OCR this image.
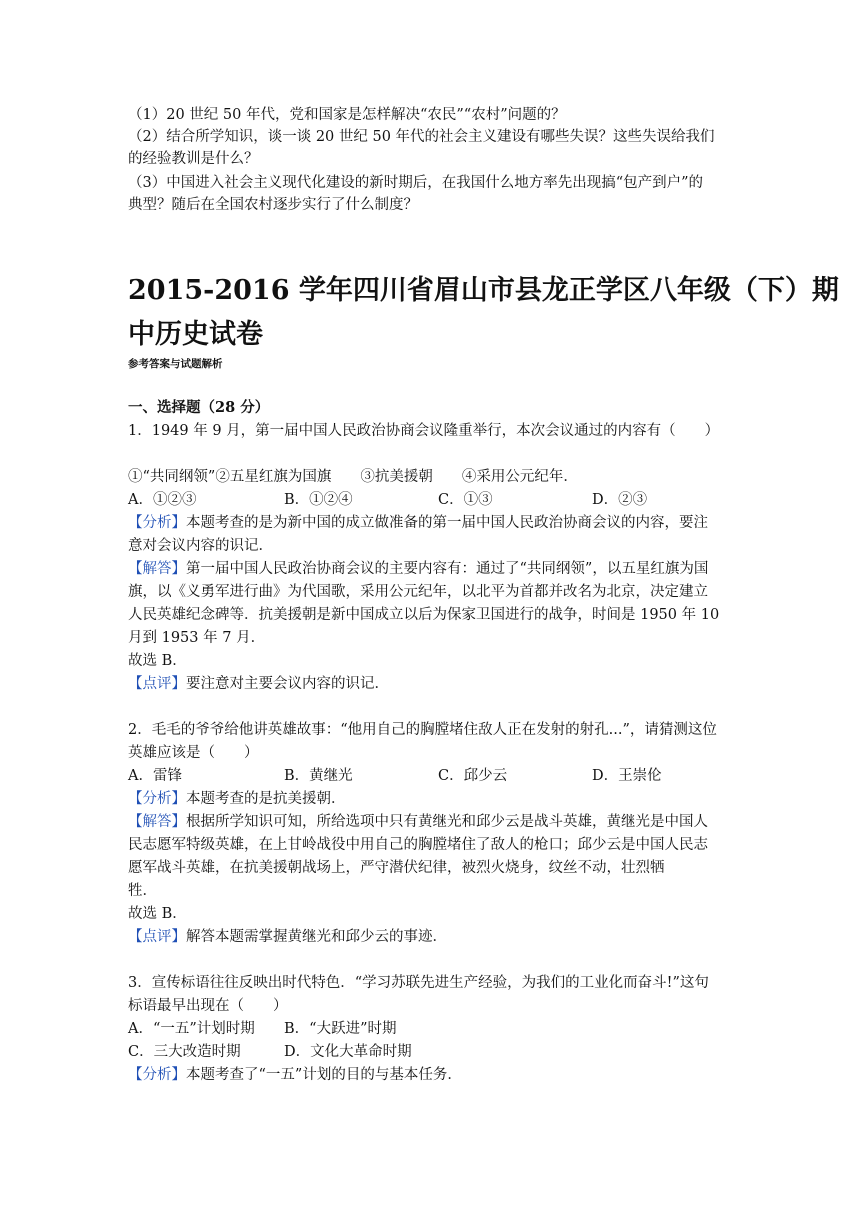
（1）20 世纪 50 年代，党和国家是怎样解决“农民”“农村”问题的？
（2）结合所学知识，谈一谈 20 世纪 50 年代的社会主义建设有哪些失误？这些失误给我们
的经验教训是什么？
（3）中国进入社会主义现代化建设的新时期后，在我国什么地方率先出现搞“包产到户”的
典型？随后在全国农村逐步实行了什么制度？
2015-2016 学年四川省眉山市县龙正学区八年级（下）期
中历史试卷
参考答案与试题解析
一、选择题（28 分）
1．1949 年 9 月，第一届中国人民政治协商会议隆重举行，本次会议通过的内容有（　　）
①“共同纲领”②五星红旗为国旗　　③抗美援朝　　④采用公元纪年．
A．①②③	B．①②④	C．①③	D．②③
【分析】本题考查的是为新中国的成立做准备的第一届中国人民政治协商会议的内容，要注
意对会议内容的识记．
【解答】第一届中国人民政治协商会议的主要内容有：通过了“共同纲领”，以五星红旗为国
旗，以《义勇军进行曲》为代国歌，采用公元纪年，以北平为首都并改名为北京，决定建立
人民英雄纪念碑等．抗美援朝是新中国成立以后为保家卫国进行的战争，时间是 1950 年 10
月到 1953 年 7 月．
故选 B．
【点评】要注意对主要会议内容的识记．
2．毛毛的爷爷给他讲英雄故事：“他用自己的胸膛堵住敌人正在发射的射孔...”，请猜测这位
英雄应该是（　　）
A．雷锋	B．黄继光	C．邱少云	D．王崇伦
【分析】本题考查的是抗美援朝．
【解答】根据所学知识可知，所给选项中只有黄继光和邱少云是战斗英雄，黄继光是中国人
民志愿军特级英雄，在上甘岭战役中用自己的胸膛堵住了敌人的枪口；邱少云是中国人民志
愿军战斗英雄，在抗美援朝战场上，严守潜伏纪律，被烈火烧身，纹丝不动，壮烈牺
牲．
故选 B．
【点评】解答本题需掌握黄继光和邱少云的事迹．
3．宣传标语往往反映出时代特色．“学习苏联先进生产经验，为我们的工业化而奋斗!”这句
标语最早出现在（　　）
A．“一五”计划时期 B．“大跃进”时期
C．三大改造时期	D．文化大革命时期
【分析】本题考查了“一五”计划的目的与基本任务．
